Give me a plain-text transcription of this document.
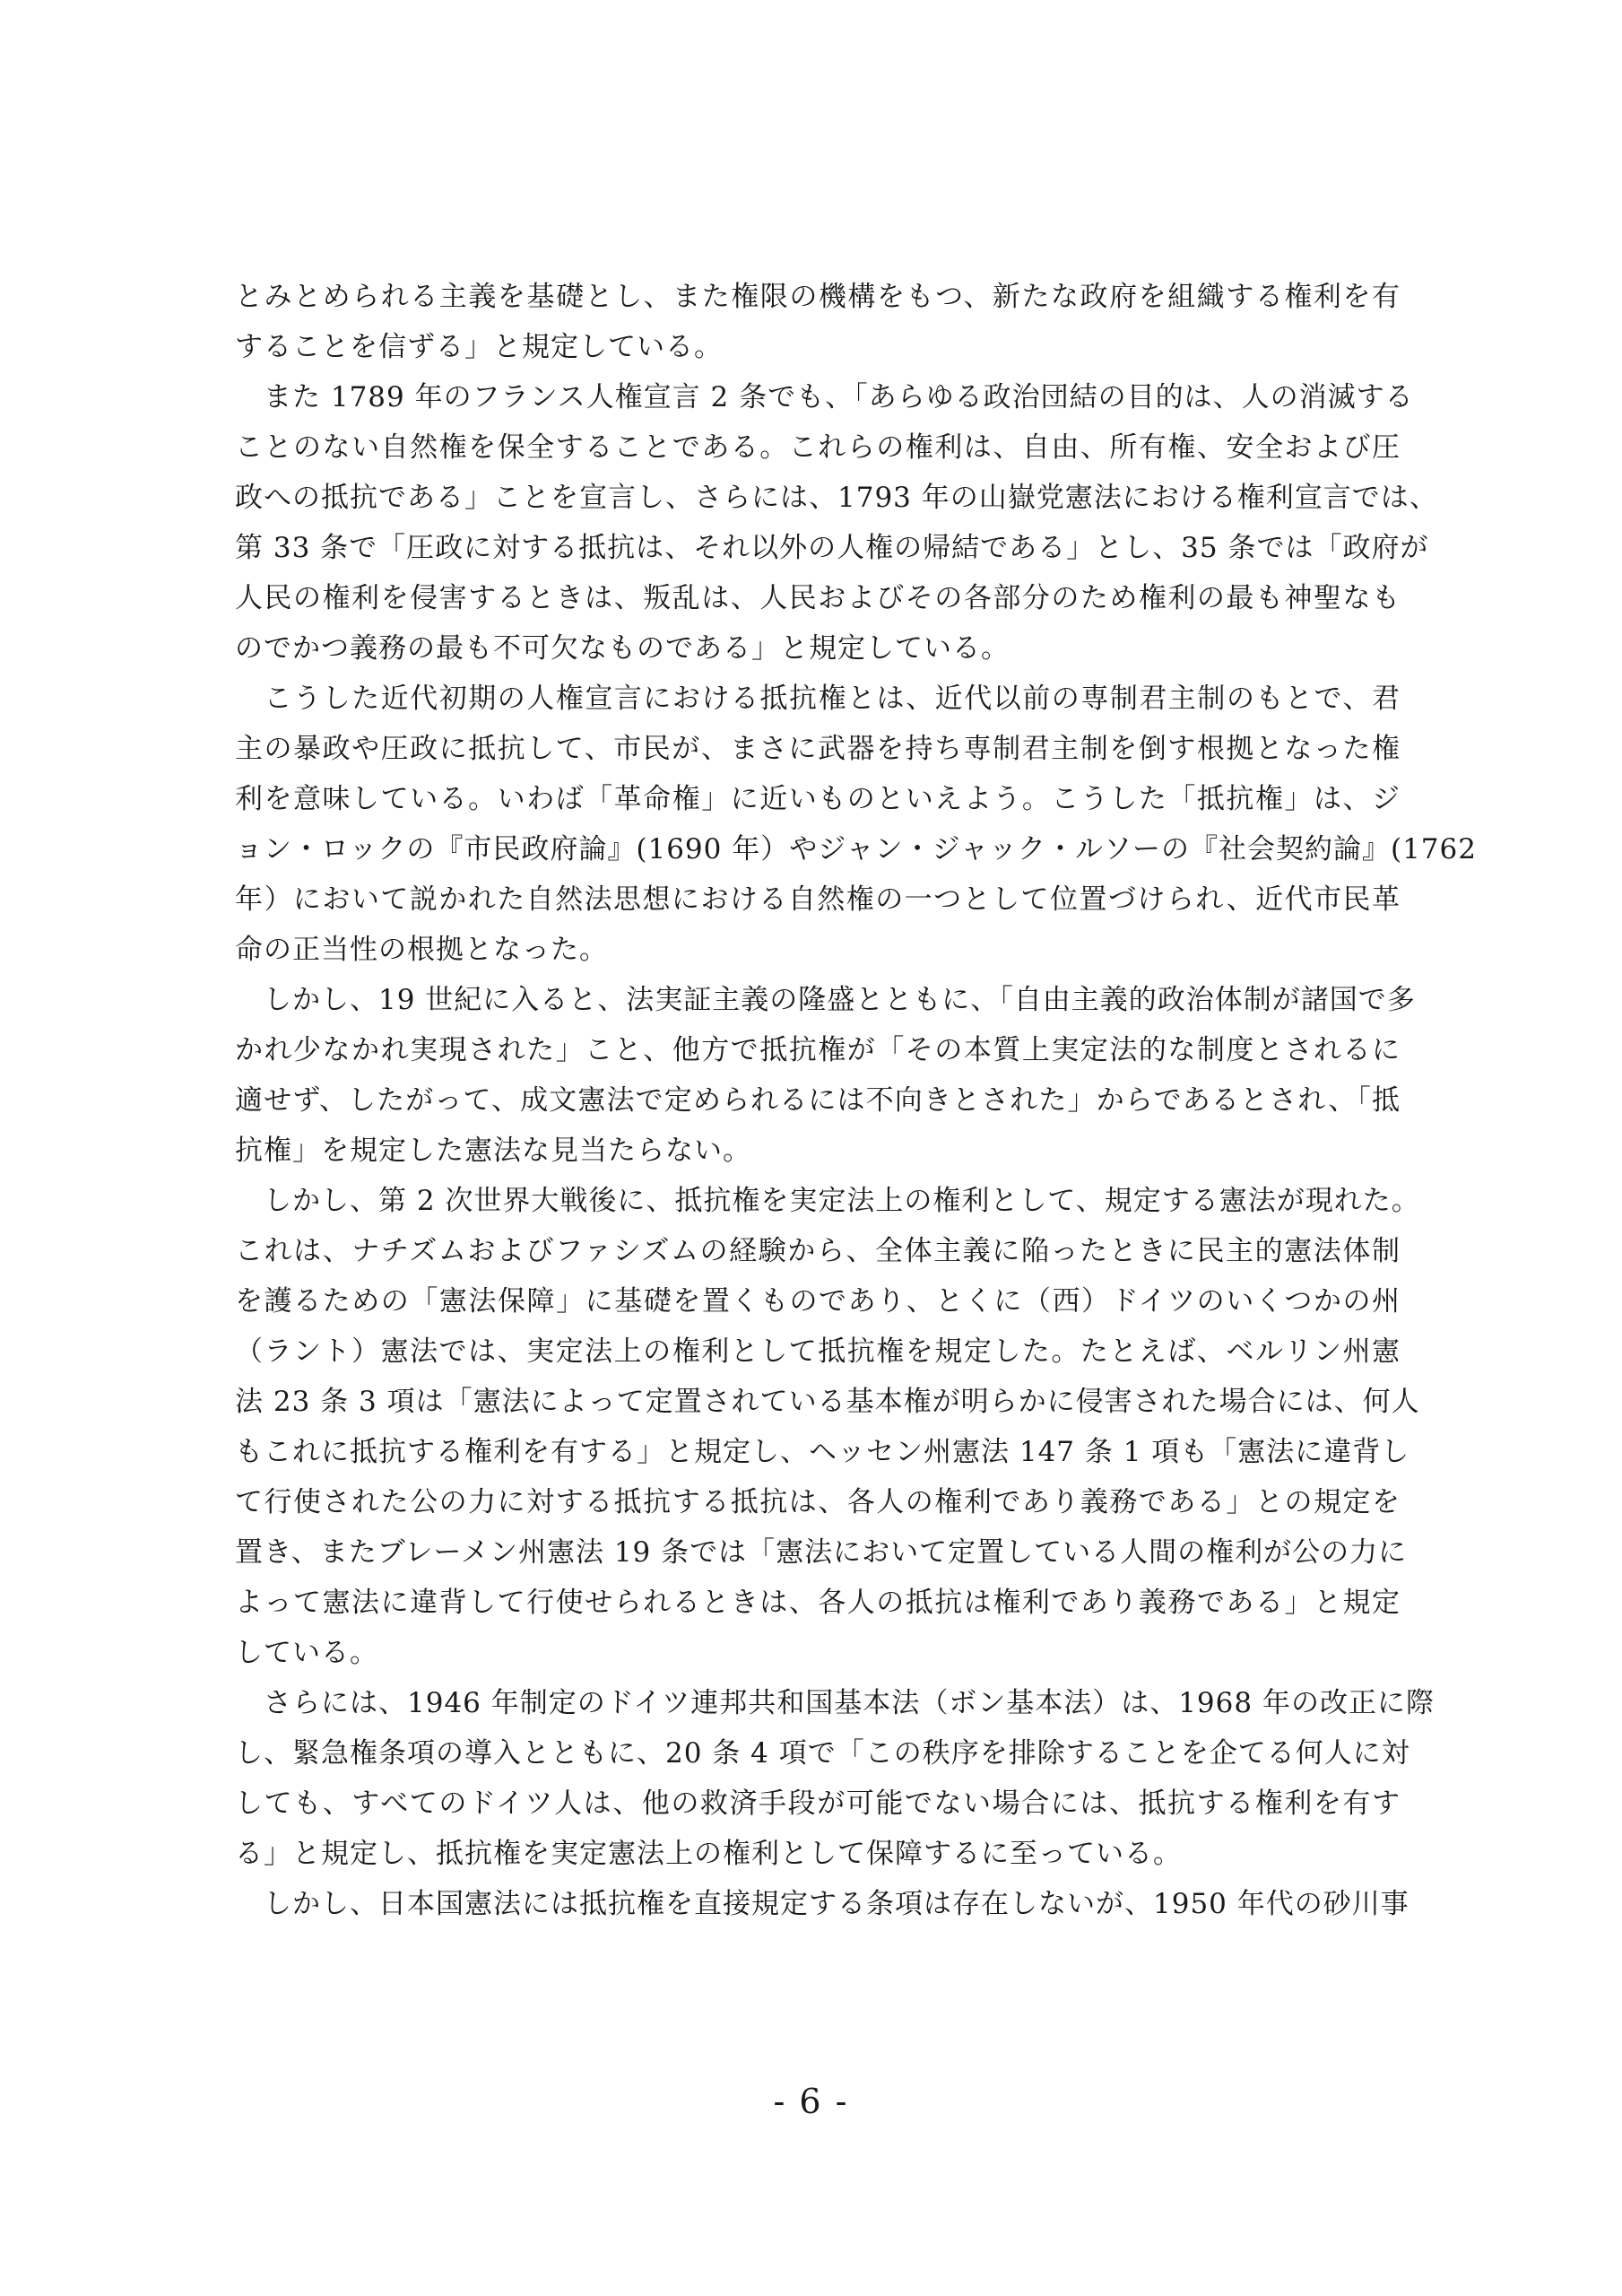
とみとめられる主義を基礎とし、また権限の機構をもつ、新たな政府を組織する権利を有
することを信ずる」と規定している。
　また 1789 年のフランス人権宣言 2 条でも、「あらゆる政治団結の目的は、人の消滅する
ことのない自然権を保全することである。これらの権利は、自由、所有権、安全および圧
政への抵抗である」ことを宣言し、さらには、1793 年の山嶽党憲法における権利宣言では、
第 33 条で「圧政に対する抵抗は、それ以外の人権の帰結である」とし、35 条では「政府が
人民の権利を侵害するときは、叛乱は、人民およびその各部分のため権利の最も神聖なも
のでかつ義務の最も不可欠なものである」と規定している。
　こうした近代初期の人権宣言における抵抗権とは、近代以前の専制君主制のもとで、君
主の暴政や圧政に抵抗して、市民が、まさに武器を持ち専制君主制を倒す根拠となった権
利を意味している。いわば「革命権」に近いものといえよう。こうした「抵抗権」は、ジ
ョン・ロックの『市民政府論』(1690 年）やジャン・ジャック・ルソーの『社会契約論』(1762
年）において説かれた自然法思想における自然権の一つとして位置づけられ、近代市民革
命の正当性の根拠となった。
　しかし、19 世紀に入ると、法実証主義の隆盛とともに、「自由主義的政治体制が諸国で多
かれ少なかれ実現された」こと、他方で抵抗権が「その本質上実定法的な制度とされるに
適せず、したがって、成文憲法で定められるには不向きとされた」からであるとされ、「抵
抗権」を規定した憲法な見当たらない。
　しかし、第 2 次世界大戦後に、抵抗権を実定法上の権利として、規定する憲法が現れた。
これは、ナチズムおよびファシズムの経験から、全体主義に陥ったときに民主的憲法体制
を護るための「憲法保障」に基礎を置くものであり、とくに（西）ドイツのいくつかの州
（ラント）憲法では、実定法上の権利として抵抗権を規定した。たとえば、ベルリン州憲
法 23 条 3 項は「憲法によって定置されている基本権が明らかに侵害された場合には、何人
もこれに抵抗する権利を有する」と規定し、ヘッセン州憲法 147 条 1 項も「憲法に違背し
て行使された公の力に対する抵抗する抵抗は、各人の権利であり義務である」との規定を
置き、またブレーメン州憲法 19 条では「憲法において定置している人間の権利が公の力に
よって憲法に違背して行使せられるときは、各人の抵抗は権利であり義務である」と規定
している。
　さらには、1946 年制定のドイツ連邦共和国基本法（ボン基本法）は、1968 年の改正に際
し、緊急権条項の導入とともに、20 条 4 項で「この秩序を排除することを企てる何人に対
しても、すべてのドイツ人は、他の救済手段が可能でない場合には、抵抗する権利を有す
る」と規定し、抵抗権を実定憲法上の権利として保障するに至っている。
　しかし、日本国憲法には抵抗権を直接規定する条項は存在しないが、1950 年代の砂川事
- 6 -
